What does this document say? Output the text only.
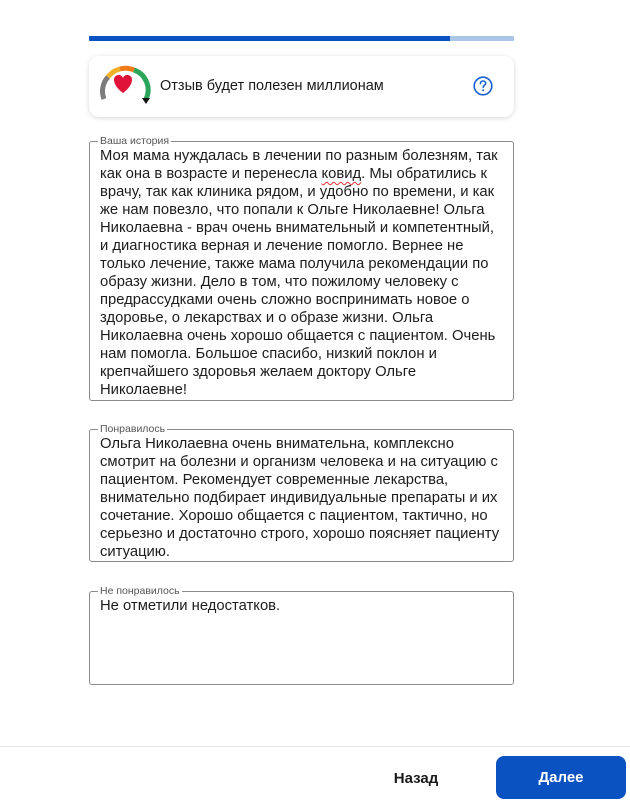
Отзыв будет полезен миллионам
Ваша история
Моя мама нуждалась в лечении по разным болезням, так как она в возрасте и перенесла ковид. Мы обратились к врачу, так как клиника рядом, и удобно по времени, и как же нам повезло, что попали к Ольге Николаевне! Ольга Николаевна - врач очень внимательный и компетентный, и диагностика верная и лечение помогло. Вернее не только лечение, также мама получила рекомендации по образу жизни. Дело в том, что пожилому человеку с предрассудками очень сложно воспринимать новое о здоровье, о лекарствах и о образе жизни. Ольга Николаевна очень хорошо общается с пациентом. Очень нам помогла. Большое спасибо, низкий поклон и крепчайшего здоровья желаем доктору Ольге Николаевне!
Понравилось
Ольга Николаевна очень внимательна, комплексно смотрит на болезни и организм человека и на ситуацию с пациентом. Рекомендует современные лекарства, внимательно подбирает индивидуальные препараты и их сочетание. Хорошо общается с пациентом, тактично, но серьезно и достаточно строго, хорошо поясняет пациенту ситуацию.
Не понравилось
Не отметили недостатков.
Назад	Далее
